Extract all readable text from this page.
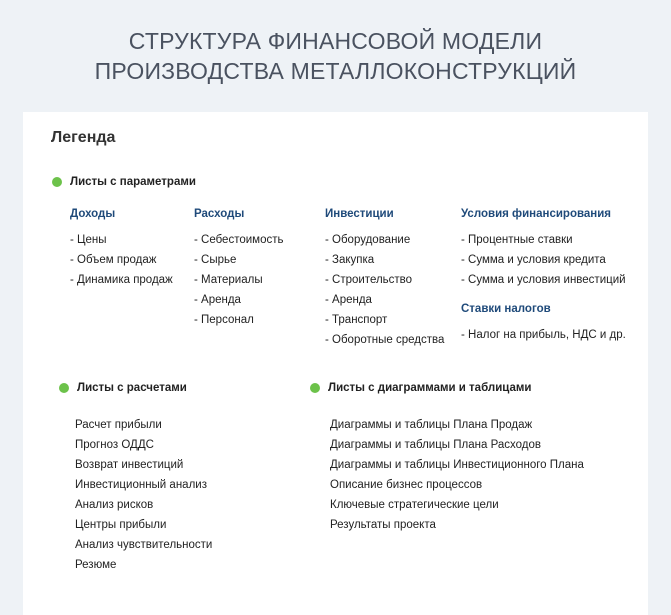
СТРУКТУРА ФИНАНСОВОЙ МОДЕЛИ
ПРОИЗВОДСТВА МЕТАЛЛОКОНСТРУКЦИЙ
Легенда
Листы с параметрами
Доходы
- Цены
- Объем продаж
- Динамика продаж
Расходы
- Себестоимость
- Сырье
- Материалы
- Аренда
- Персонал
Инвестиции
- Оборудование
- Закупка
- Строительство
- Аренда
- Транспорт
- Оборотные средства
Условия финансирования
- Процентные ставки
- Сумма и условия кредита
- Сумма и условия инвестиций
Ставки налогов
- Налог на прибыль, НДС и др.
Листы с расчетами
Расчет прибыли
Прогноз ОДДС
Возврат инвестиций
Инвестиционный анализ
Анализ рисков
Центры прибыли
Анализ чувствительности
Резюме
Листы с диаграммами и таблицами
Диаграммы и таблицы Плана Продаж
Диаграммы и таблицы Плана Расходов
Диаграммы и таблицы Инвестиционного Плана
Описание бизнес процессов
Ключевые стратегические цели
Результаты проекта
